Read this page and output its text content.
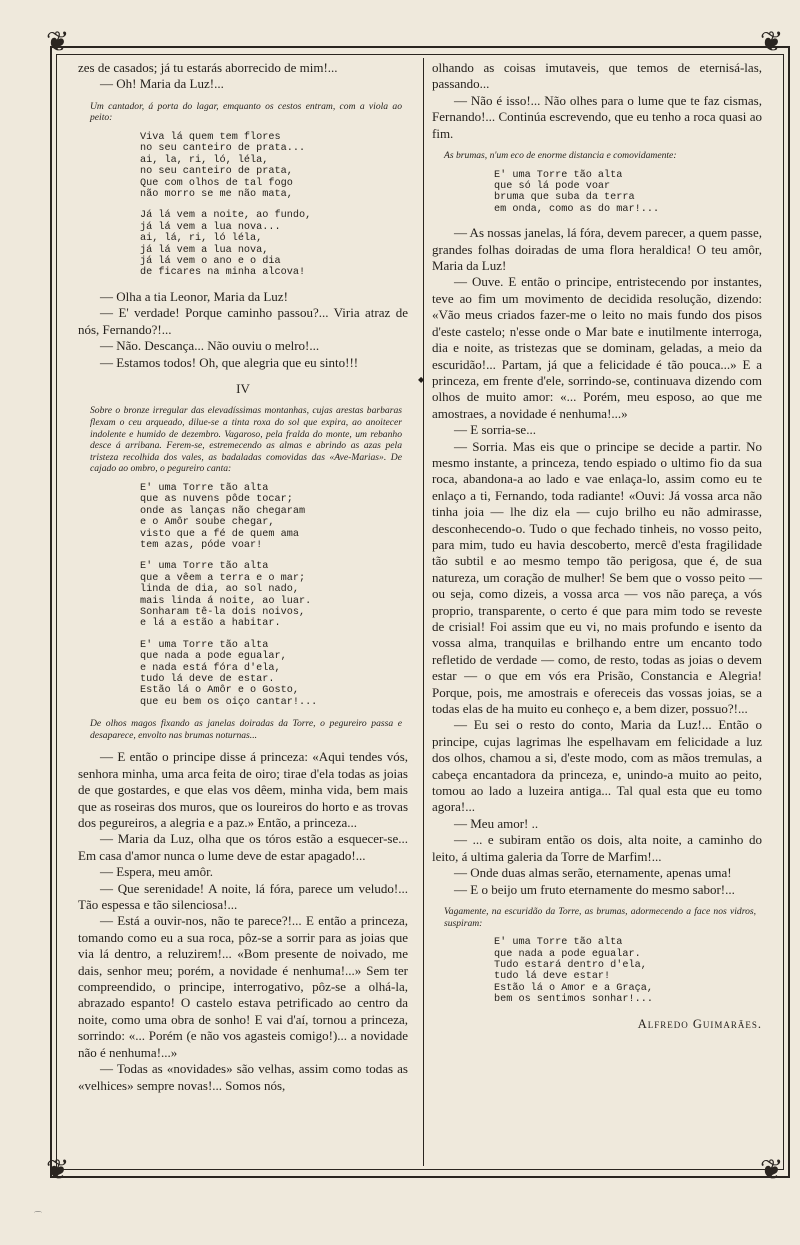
❦	❦
❦	❦
◆

zes de casados; já tu estarás aborrecido de mim!...

— Oh! Maria da Luz!...

Um cantador, á porta do lagar, emquanto os cestos entram, com a viola ao peito:
Viva lá quem tem flores
no seu canteiro de prata...
ai, la, ri, ló, léla,
no seu canteiro de prata,
Que com olhos de tal fogo
não morro se me não mata,
Já lá vem a noite, ao fundo,
já lá vem a lua nova...
ai, lá, ri, ló léla,
já lá vem a lua nova,
já lá vem o ano e o dia
de ficares na minha alcova!

— Olha a tia Leonor, Maria da Luz!

— E' verdade! Porque caminho passou?... Viria atraz de nós, Fernando?!...

— Não. Descança... Não ouviu o melro!...

— Estamos todos! Oh, que alegria que eu sinto!!!

IV
Sobre o bronze irregular das elevadíssimas montanhas, cujas arestas barbaras flexam o ceu arqueado, dilue-se a tinta roxa do sol que expira, ao anoitecer indolente e humido de dezembro. Vagaroso, pela fralda do monte, um rebanho desce á arribana. Ferem-se, estremecendo as almas e abrindo as azas pela tristeza recolhida dos vales, as badaladas comovidas das «Ave-Marias». De cajado ao ombro, o pegureiro canta:
E' uma Torre tão alta
que as nuvens pôde tocar;
onde as lanças não chegaram
e o Amôr soube chegar,
visto que a fé de quem ama
tem azas, póde voar!
E' uma Torre tão alta
que a vêem a terra e o mar;
linda de dia, ao sol nado,
mais linda á noite, ao luar.
Sonharam tê-la dois noivos,
e lá a estão a habitar.
E' uma Torre tão alta
que nada a pode egualar,
e nada está fóra d'ela,
tudo lá deve de estar.
Estão lá o Amôr e o Gosto,
que eu bem os oiço cantar!...
De olhos magos fixando as janelas doiradas da Torre, o pegureiro passa e desaparece, envolto nas brumas noturnas...

— E então o principe disse á princeza: «Aqui tendes vós, senhora minha, uma arca feita de oiro; tirae d'ela todas as joias de que gostardes, e que elas vos dêem, minha vida, bem mais que as roseiras dos muros, que os loureiros do horto e as trovas dos pegureiros, a alegria e a paz.» Então, a princeza...

— Maria da Luz, olha que os tóros estão a esquecer-se... Em casa d'amor nunca o lume deve de estar apagado!...

— Espera, meu amôr.

— Que serenidade! A noite, lá fóra, parece um veludo!... Tão espessa e tão silenciosa!...

— Está a ouvir-nos, não te parece?!... E então a princeza, tomando como eu a sua roca, pôz-se a sorrir para as joias que via lá dentro, a reluzirem!... «Bom presente de noivado, me dais, senhor meu; porém, a novidade é nenhuma!...» Sem ter compreendido, o principe, interrogativo, pôz-se a olhá-la, abrazado espanto! O castelo estava petrificado ao centro da noite, como uma obra de sonho! E vai d'aí, tornou a princeza, sorrindo: «... Porém (e não vos agasteis comigo!)... a novidade não é nenhuma!...»

— Todas as «novidades» são velhas, assim como todas as «velhices» sempre novas!... Somos nós,

olhando as coisas imutaveis, que temos de eternisá-las, passando...

— Não é isso!... Não olhes para o lume que te faz cismas, Fernando!... Continúa escrevendo, que eu tenho a roca quasi ao fim.

As brumas, n'um eco de enorme distancia e comovidamente:
E' uma Torre tão alta
que só lá pode voar
bruma que suba da terra
em onda, como as do mar!...

— As nossas janelas, lá fóra, devem parecer, a quem passe, grandes folhas doiradas de uma flora heraldica! O teu amôr, Maria da Luz!

— Ouve. E então o principe, entristecendo por instantes, teve ao fim um movimento de decidida resolução, dizendo: «Vão meus criados fazer-me o leito no mais fundo dos pisos d'este castelo; n'esse onde o Mar bate e inutilmente interroga, dia e noite, as tristezas que se dominam, geladas, a meio da escuridão!... Partam, já que a felicidade é tão pouca...» E a princeza, em frente d'ele, sorrindo-se, continuava dizendo com olhos de muito amor: «... Porém, meu esposo, ao que me amostraes, a novidade é nenhuma!...»

— E sorria-se...

— Sorria. Mas eis que o principe se decide a partir. No mesmo instante, a princeza, tendo espiado o ultimo fio da sua roca, abandona-a ao lado e vae enlaça-lo, assim como eu te enlaço a ti, Fernando, toda radiante! «Ouvi: Já vossa arca não tinha joia — lhe diz ela — cujo brilho eu não admirasse, desconhecendo-o. Tudo o que fechado tinheis, no vosso peito, para mim, tudo eu havia descoberto, mercê d'esta fragilidade tão subtil e ao mesmo tempo tão perigosa, que é, de sua natureza, um coração de mulher! Se bem que o vosso peito — ou seja, como dizeis, a vossa arca — vos não pareça, a vós proprio, transparente, o certo é que para mim todo se reveste de crisial! Foi assim que eu vi, no mais profundo e isento da vossa alma, tranquilas e brilhando entre um encanto todo refletido de verdade — como, de resto, todas as joias o devem estar — o que em vós era Prisão, Constancia e Alegria! Porque, pois, me amostrais e ofereceis das vossas joias, se a todas elas de ha muito eu conheço e, a bem dizer, possuo?!...

— Eu sei o resto do conto, Maria da Luz!... Então o principe, cujas lagrimas lhe espelhavam em felicidade a luz dos olhos, chamou a si, d'este modo, com as mãos tremulas, a cabeça encantadora da princeza, e, unindo-a muito ao peito, tomou ao lado a luzeira antiga... Tal qual esta que eu tomo agora!...

— Meu amor! ..

— ... e subiram então os dois, alta noite, a caminho do leito, á ultima galeria da Torre de Marfim!...

— Onde duas almas serão, eternamente, apenas uma!

— E o beijo um fruto eternamente do mesmo sabor!...

Vagamente, na escuridão da Torre, as brumas, adormecendo a face nos vidros, suspiram:
E' uma Torre tão alta
que nada a pode egualar.
Tudo estará dentro d'ela,
tudo lá deve estar!
Estão lá o Amor e a Graça,
bem os sentimos sonhar!...
Alfredo Guimarães.
⌒
